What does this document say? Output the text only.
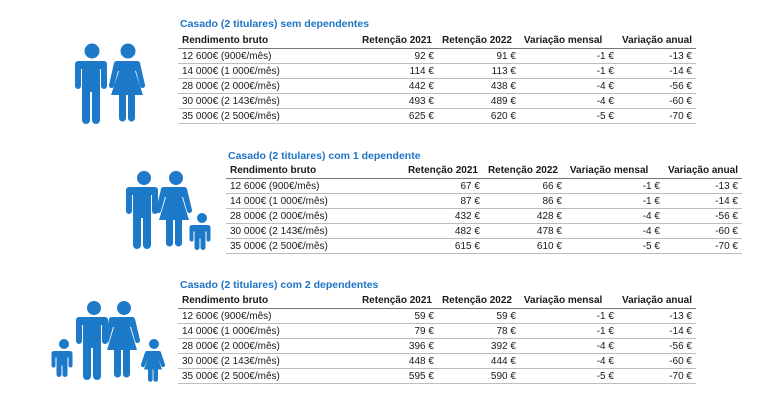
Casado (2 titulares) sem dependentes
Rendimento bruto	Retenção 2021	Retenção 2022	Variação mensal	Variação anual
12 600€ (900€/mês)	92 €	91 €	-1 €	-13 €
14 000€ (1 000€/mês)	114 €	113 €	-1 €	-14 €
28 000€ (2 000€/mês)	442 €	438 €	-4 €	-56 €
30 000€ (2 143€/mês)	493 €	489 €	-4 €	-60 €
35 000€ (2 500€/mês)	625 €	620 €	-5 €	-70 €
Casado (2 titulares) com 1 dependente
Rendimento bruto	Retenção 2021	Retenção 2022	Variação mensal	Variação anual
12 600€ (900€/mês)	67 €	66 €	-1 €	-13 €
14 000€ (1 000€/mês)	87 €	86 €	-1 €	-14 €
28 000€ (2 000€/mês)	432 €	428 €	-4 €	-56 €
30 000€ (2 143€/mês)	482 €	478 €	-4 €	-60 €
35 000€ (2 500€/mês)	615 €	610 €	-5 €	-70 €
Casado (2 titulares) com 2 dependentes
Rendimento bruto	Retenção 2021	Retenção 2022	Variação mensal	Variação anual
12 600€ (900€/mês)	59 €	59 €	-1 €	-13 €
14 000€ (1 000€/mês)	79 €	78 €	-1 €	-14 €
28 000€ (2 000€/mês)	396 €	392 €	-4 €	-56 €
30 000€ (2 143€/mês)	448 €	444 €	-4 €	-60 €
35 000€ (2 500€/mês)	595 €	590 €	-5 €	-70 €
